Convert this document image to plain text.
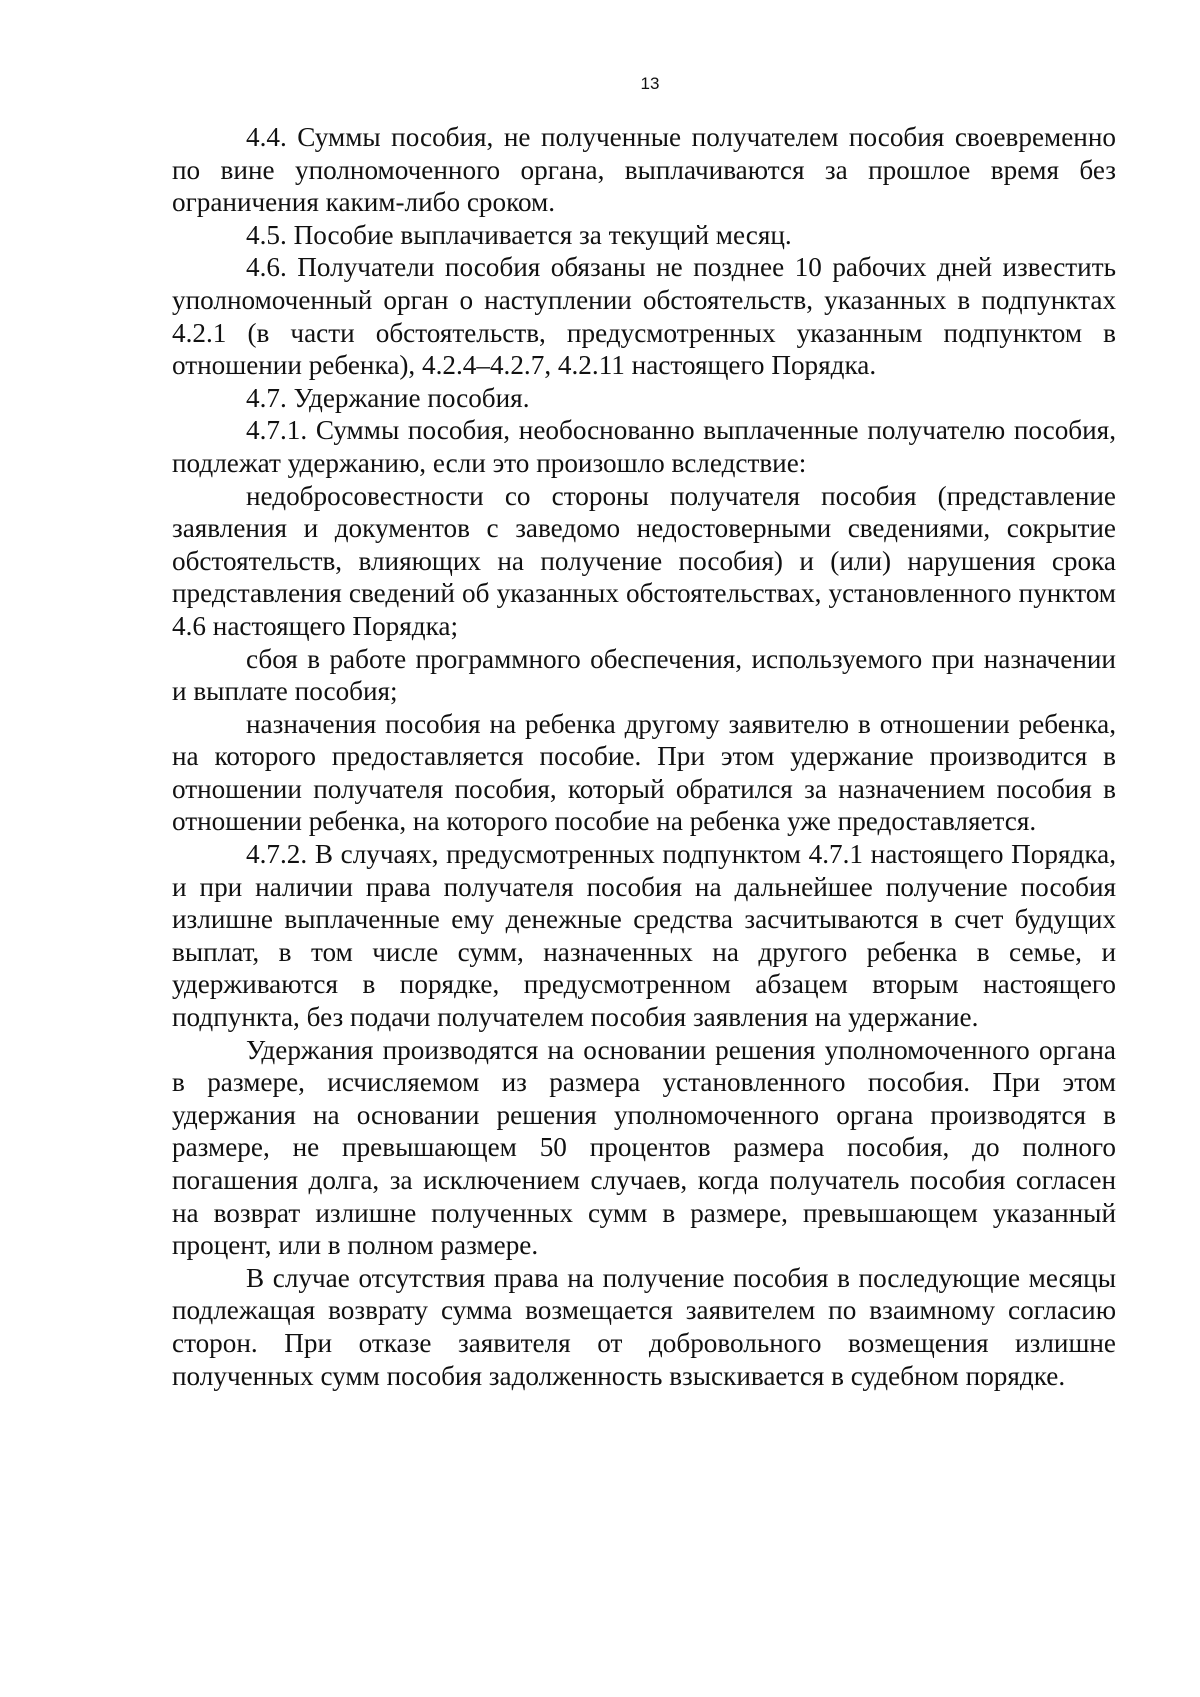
13

4.4. Суммы пособия, не полученные получателем пособия своевременно по вине уполномоченного органа, выплачиваются за прошлое время без ограничения каким-либо сроком.

4.5. Пособие выплачивается за текущий месяц.

4.6. Получатели пособия обязаны не позднее 10 рабочих дней известить уполномоченный орган о наступлении обстоятельств, указанных в подпунктах 4.2.1 (в части обстоятельств, предусмотренных указанным подпунктом в отношении ребенка), 4.2.4–4.2.7, 4.2.11 настоящего Порядка.

4.7. Удержание пособия.

4.7.1. Суммы пособия, необоснованно выплаченные получателю пособия, подлежат удержанию, если это произошло вследствие:

недобросовестности со стороны получателя пособия (представление заявления и документов с заведомо недостоверными сведениями, сокрытие обстоятельств, влияющих на получение пособия) и (или) нарушения срока представления сведений об указанных обстоятельствах, установленного пунктом 4.6 настоящего Порядка;

сбоя в работе программного обеспечения, используемого при назначении и выплате пособия;

назначения пособия на ребенка другому заявителю в отношении ребенка, на которого предоставляется пособие. При этом удержание производится в отношении получателя пособия, который обратился за назначением пособия в отношении ребенка, на которого пособие на ребенка уже предоставляется.

4.7.2. В случаях, предусмотренных подпунктом 4.7.1 настоящего Порядка, и при наличии права получателя пособия на дальнейшее получение пособия излишне выплаченные ему денежные средства засчитываются в счет будущих выплат, в том числе сумм, назначенных на другого ребенка в семье, и удерживаются в порядке, предусмотренном абзацем вторым настоящего подпункта, без подачи получателем пособия заявления на удержание.

Удержания производятся на основании решения уполномоченного органа в размере, исчисляемом из размера установленного пособия. При этом удержания на основании решения уполномоченного органа производятся в размере, не превышающем 50 процентов размера пособия, до полного погашения долга, за исключением случаев, когда получатель пособия согласен на возврат излишне полученных сумм в размере, превышающем указанный процент, или в полном размере.

В случае отсутствия права на получение пособия в последующие месяцы подлежащая возврату сумма возмещается заявителем по взаимному согласию сторон. При отказе заявителя от добровольного возмещения излишне полученных сумм пособия задолженность взыскивается в судебном порядке.
